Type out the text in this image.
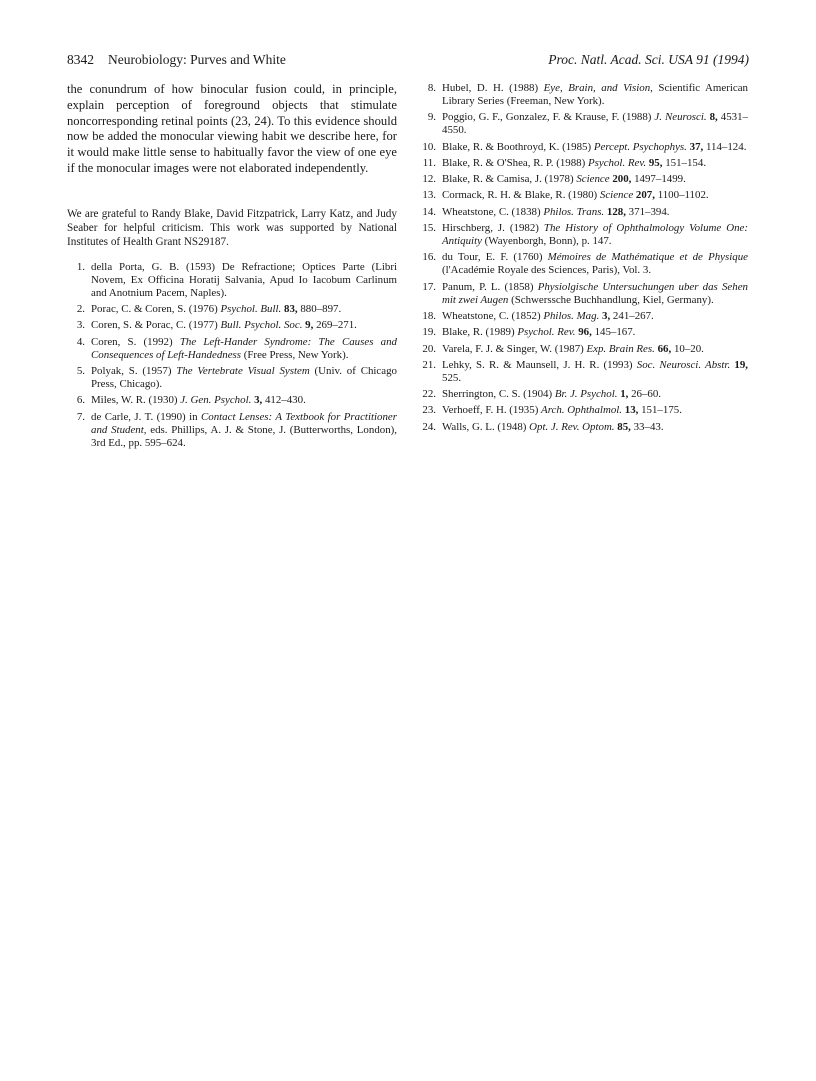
8342 Neurobiology: Purves and White	Proc. Natl. Acad. Sci. USA 91 (1994)

the conundrum of how binocular fusion could, in principle, explain perception of foreground objects that stimulate noncorresponding retinal points (23, 24). To this evidence should now be added the monocular viewing habit we describe here, for it would make little sense to habitually favor the view of one eye if the monocular images were not elaborated independently.

We are grateful to Randy Blake, David Fitzpatrick, Larry Katz, and Judy Seaber for helpful criticism. This work was supported by National Institutes of Health Grant NS29187.

1 . della Porta, G. B. (1593) De Refractione; Optices Parte (Libri Novem, Ex Officina Horatij Salvania, Apud Io Iacobum Carlinum and Anotnium Pacem, Naples).
2 . Porac, C. & Coren, S. (1976) Psychol. Bull. 83, 880–897.
3 . Coren, S. & Porac, C. (1977) Bull. Psychol. Soc. 9, 269–271.
4 . Coren, S. (1992) The Left-Hander Syndrome: The Causes and Consequences of Left-Handedness (Free Press, New York).
5 . Polyak, S. (1957) The Vertebrate Visual System (Univ. of Chicago Press, Chicago).
6 . Miles, W. R. (1930) J. Gen. Psychol. 3, 412–430.
7 . de Carle, J. T. (1990) in Contact Lenses: A Textbook for Practitioner and Student, eds. Phillips, A. J. & Stone, J. (Butterworths, London), 3rd Ed., pp. 595–624.
8 . Hubel, D. H. (1988) Eye, Brain, and Vision, Scientific American Library Series (Freeman, New York).
9 . Poggio, G. F., Gonzalez, F. & Krause, F. (1988) J. Neurosci. 8, 4531–4550.
10 . Blake, R. & Boothroyd, K. (1985) Percept. Psychophys. 37, 114–124.
11 . Blake, R. & O'Shea, R. P. (1988) Psychol. Rev. 95, 151–154.
12 . Blake, R. & Camisa, J. (1978) Science 200, 1497–1499.
13 . Cormack, R. H. & Blake, R. (1980) Science 207, 1100–1102.
14 . Wheatstone, C. (1838) Philos. Trans. 128, 371–394.
15 . Hirschberg, J. (1982) The History of Ophthalmology Volume One: Antiquity (Wayenborgh, Bonn), p. 147.
16 . du Tour, E. F. (1760) Mémoires de Mathématique et de Physique (l'Académie Royale des Sciences, Paris), Vol. 3.
17 . Panum, P. L. (1858) Physiolgische Untersuchungen uber das Sehen mit zwei Augen (Schwerssche Buchhandlung, Kiel, Germany).
18 . Wheatstone, C. (1852) Philos. Mag. 3, 241–267.
19 . Blake, R. (1989) Psychol. Rev. 96, 145–167.
20 . Varela, F. J. & Singer, W. (1987) Exp. Brain Res. 66, 10–20.
21 . Lehky, S. R. & Maunsell, J. H. R. (1993) Soc. Neurosci. Abstr. 19, 525.
22 . Sherrington, C. S. (1904) Br. J. Psychol. 1, 26–60.
23 . Verhoeff, F. H. (1935) Arch. Ophthalmol. 13, 151–175.
24 . Walls, G. L. (1948) Opt. J. Rev. Optom. 85, 33–43.
